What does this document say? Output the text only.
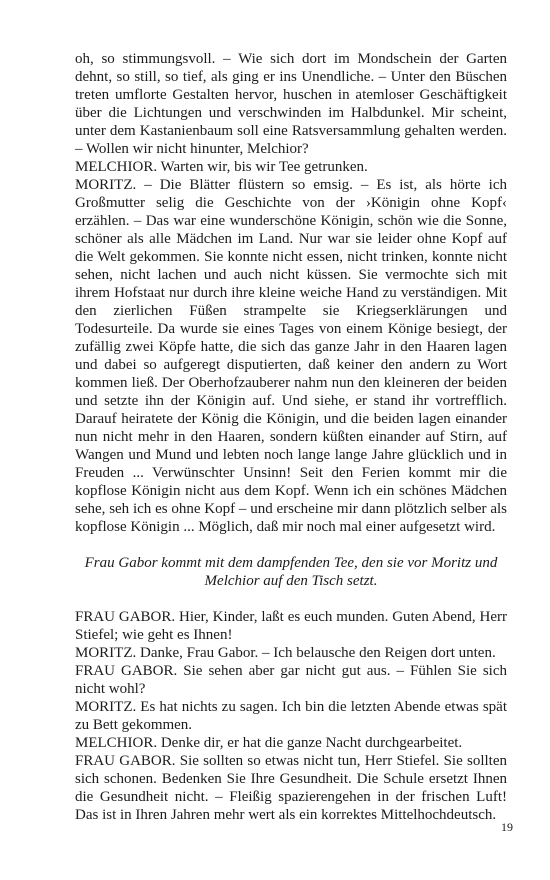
oh, so stimmungsvoll. – Wie sich dort im Mondschein der Garten dehnt, so still, so tief, als ging er ins Unendliche. – Unter den Büschen treten umflorte Gestalten hervor, huschen in atemloser Geschäftigkeit über die Lichtungen und verschwinden im Halbdunkel. Mir scheint, unter dem Kastanienbaum soll eine Ratsversammlung gehalten werden. – Wollen wir nicht hinunter, Melchior?

MELCHIOR. Warten wir, bis wir Tee getrunken.

MORITZ. – Die Blätter flüstern so emsig. – Es ist, als hörte ich Großmutter selig die Geschichte von der ›Königin ohne Kopf‹ erzählen. – Das war eine wunderschöne Königin, schön wie die Sonne, schöner als alle Mädchen im Land. Nur war sie leider ohne Kopf auf die Welt gekommen. Sie konnte nicht essen, nicht trinken, konnte nicht sehen, nicht lachen und auch nicht küssen. Sie vermochte sich mit ihrem Hofstaat nur durch ihre kleine weiche Hand zu verständigen. Mit den zierlichen Füßen strampelte sie Kriegserklärungen und Todesurteile. Da wurde sie eines Tages von einem Könige besiegt, der zufällig zwei Köpfe hatte, die sich das ganze Jahr in den Haaren lagen und dabei so aufgeregt disputierten, daß keiner den andern zu Wort kommen ließ. Der Oberhofzauberer nahm nun den kleineren der beiden und setzte ihn der Königin auf. Und siehe, er stand ihr vortrefflich. Darauf heiratete der König die Königin, und die beiden lagen einander nun nicht mehr in den Haaren, sondern küßten einander auf Stirn, auf Wangen und Mund und lebten noch lange lange Jahre glücklich und in Freuden ... Verwünschter Unsinn! Seit den Ferien kommt mir die kopflose Königin nicht aus dem Kopf. Wenn ich ein schönes Mädchen sehe, seh ich es ohne Kopf – und erscheine mir dann plötzlich selber als kopflose Königin ... Möglich, daß mir noch mal einer aufgesetzt wird.

Frau Gabor kommt mit dem dampfenden Tee, den sie vor Moritz und Melchior auf den Tisch setzt.

FRAU GABOR. Hier, Kinder, laßt es euch munden. Guten Abend, Herr Stiefel; wie geht es Ihnen!

MORITZ. Danke, Frau Gabor. – Ich belausche den Reigen dort unten.

FRAU GABOR. Sie sehen aber gar nicht gut aus. – Fühlen Sie sich nicht wohl?

MORITZ. Es hat nichts zu sagen. Ich bin die letzten Abende etwas spät zu Bett gekommen.

MELCHIOR. Denke dir, er hat die ganze Nacht durchgearbeitet.

FRAU GABOR. Sie sollten so etwas nicht tun, Herr Stiefel. Sie sollten sich schonen. Bedenken Sie Ihre Gesundheit. Die Schule ersetzt Ihnen die Gesundheit nicht. – Fleißig spazierengehen in der frischen Luft! Das ist in Ihren Jahren mehr wert als ein korrektes Mittelhochdeutsch.

19
